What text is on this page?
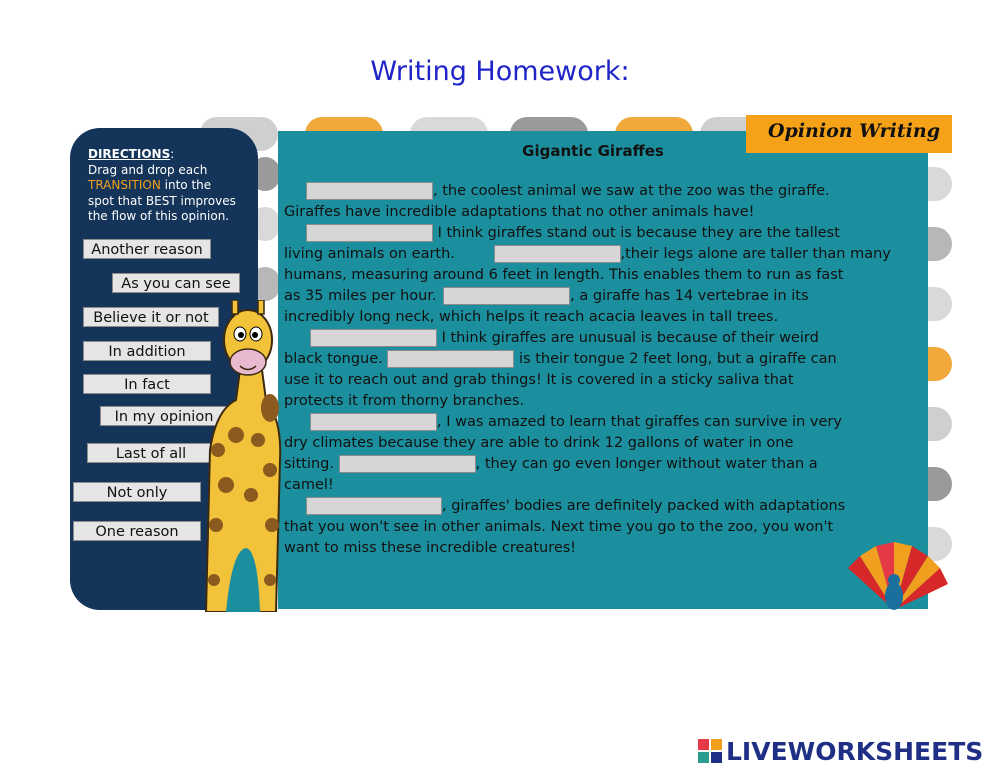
Writing Homework:
DIRECTIONS:
Drag and drop each
TRANSITION into the
spot that BEST improves
the flow of this opinion.
Another reason
As you can see
Believe it or not
In addition
In fact
In my opinion
Last of all
Not only
One reason
Opinion Writing
Gigantic Giraffes
, the coolest animal we saw at the zoo was the giraffe.
Giraffes have incredible adaptations that no other animals have!
I think giraffes stand out is because they are the tallest
living animals on earth.	,their legs alone are taller than many
humans, measuring around 6 feet in length. This enables them to run as fast
as 35 miles per hour.	, a giraffe has 14 vertebrae in its
incredibly long neck, which helps it reach acacia leaves in tall trees.
I think giraffes are unusual is because of their weird
black tongue.	is their tongue 2 feet long, but a giraffe can
use it to reach out and grab things! It is covered in a sticky saliva that
protects it from thorny branches.
, I was amazed to learn that giraffes can survive in very
dry climates because they are able to drink 12 gallons of water in one
sitting.	, they can go even longer without water than a
camel!
, giraffes' bodies are definitely packed with adaptations
that you won't see in other animals. Next time you go to the zoo, you won't
want to miss these incredible creatures!
LIVEWORKSHEETS
